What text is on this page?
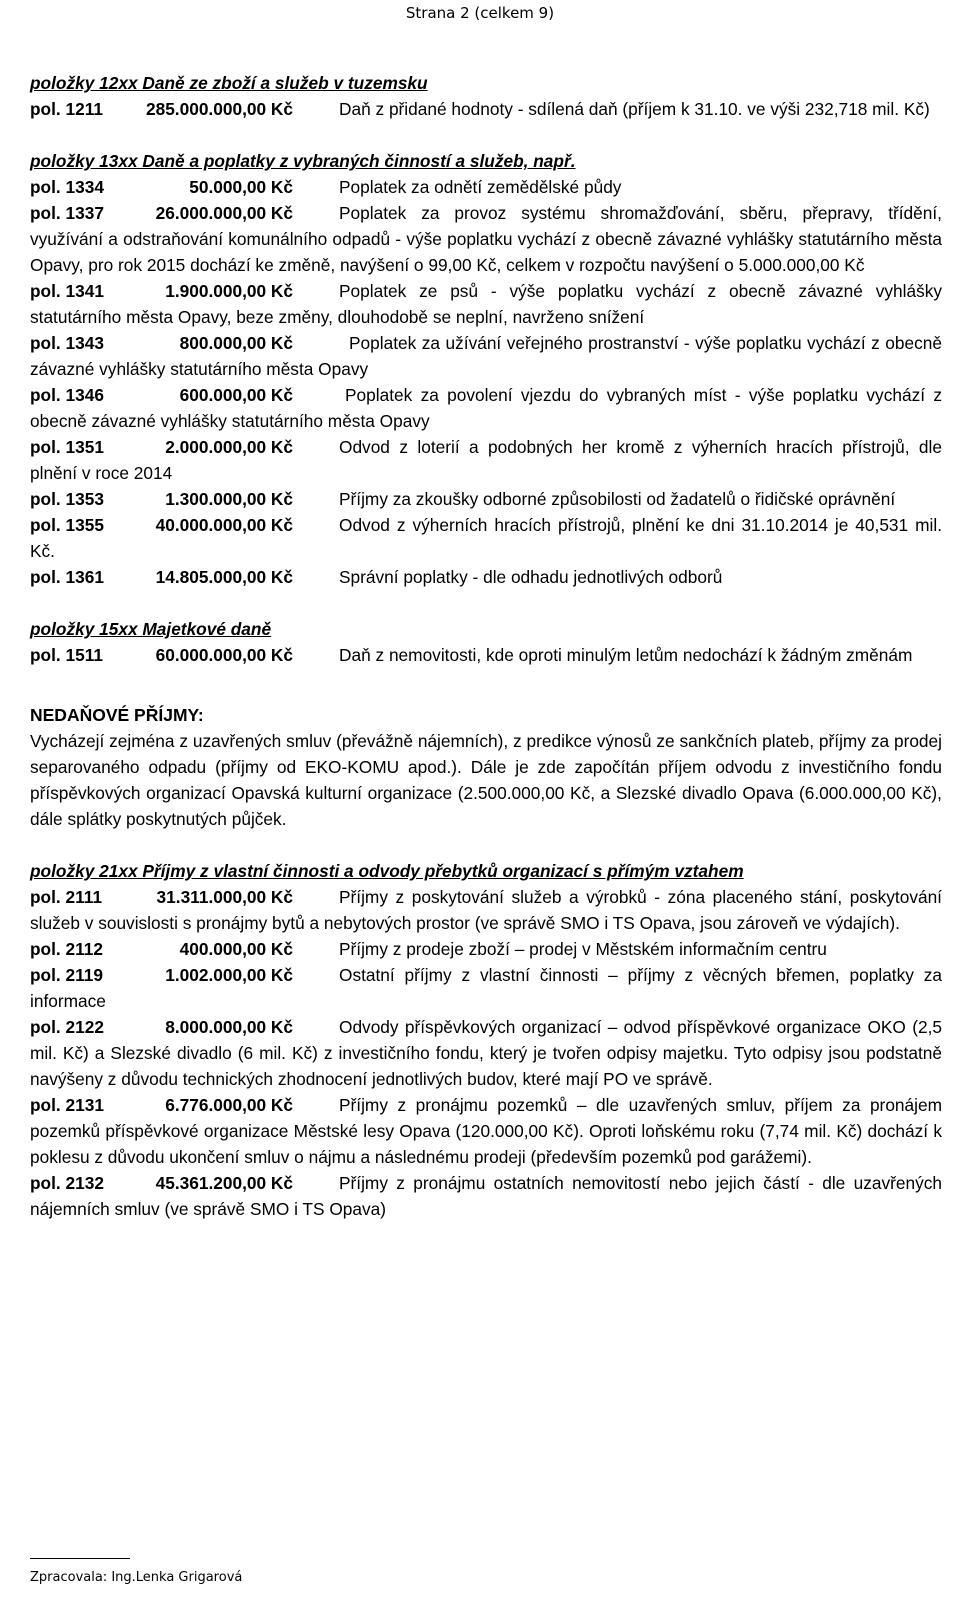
Strana 2 (celkem 9)

položky 12xx Daně ze zboží a služeb v tuzemsku

pol. 1211 285.000.000,00 Kč	Daň z přidané hodnoty - sdílená daň (příjem k 31.10. ve výši 232,718 mil. Kč)

položky 13xx Daně a poplatky z vybraných činností a služeb, např.

pol. 1334	50.000,00 Kč	Poplatek za odnětí zemědělské půdy

pol. 1337	26.000.000,00 Kč	Poplatek za provoz systému shromažďování, sběru, přepravy, třídění, využívání a odstraňování komunálního odpadů - výše poplatku vychází z obecně závazné vyhlášky statutárního města Opavy, pro rok 2015 dochází ke změně, navýšení o 99,00 Kč, celkem v rozpočtu navýšení o 5.000.000,00 Kč

pol. 1341	1.900.000,00 Kč	Poplatek ze psů - výše poplatku vychází z obecně závazné vyhlášky statutárního města Opavy, beze změny, dlouhodobě se neplní, navrženo snížení

pol. 1343	800.000,00 Kč	Poplatek za užívání veřejného prostranství - výše poplatku vychází z obecně závazné vyhlášky statutárního města Opavy

pol. 1346	600.000,00 Kč	Poplatek za povolení vjezdu do vybraných míst - výše poplatku vychází z obecně závazné vyhlášky statutárního města Opavy

pol. 1351	2.000.000,00 Kč	Odvod z loterií a podobných her kromě z výherních hracích přístrojů, dle plnění v roce 2014

pol. 1353	1.300.000,00 Kč	Příjmy za zkoušky odborné způsobilosti od žadatelů o řidičské oprávnění

pol. 1355	40.000.000,00 Kč	Odvod z výherních hracích přístrojů, plnění ke dni 31.10.2014 je 40,531 mil. Kč.

pol. 1361	14.805.000,00 Kč	Správní poplatky - dle odhadu jednotlivých odborů

položky 15xx Majetkové daně

pol. 1511	60.000.000,00 Kč	Daň z nemovitosti, kde oproti minulým letům nedochází k žádným změnám

NEDAŇOVÉ PŘÍJMY:

Vycházejí zejména z uzavřených smluv (převážně nájemních), z predikce výnosů ze sankčních plateb, příjmy za prodej separovaného odpadu (příjmy od EKO-KOMU apod.). Dále je zde započítán příjem odvodu z investičního fondu příspěvkových organizací Opavská kulturní organizace (2.500.000,00 Kč, a Slezské divadlo Opava (6.000.000,00 Kč), dále splátky poskytnutých půjček.

položky 21xx Příjmy z vlastní činnosti a odvody přebytků organizací s přímým vztahem

pol. 2111	31.311.000,00 Kč	Příjmy z poskytování služeb a výrobků - zóna placeného stání, poskytování služeb v souvislosti s pronájmy bytů a nebytových prostor (ve správě SMO i TS Opava, jsou zároveň ve výdajích).

pol. 2112	400.000,00 Kč	Příjmy z prodeje zboží – prodej v Městském informačním centru

pol. 2119	1.002.000,00 Kč	Ostatní příjmy z vlastní činnosti – příjmy z věcných břemen, poplatky za informace

pol. 2122	8.000.000,00 Kč	Odvody příspěvkových organizací – odvod příspěvkové organizace OKO (2,5 mil. Kč) a Slezské divadlo (6 mil. Kč) z investičního fondu, který je tvořen odpisy majetku. Tyto odpisy jsou podstatně navýšeny z důvodu technických zhodnocení jednotlivých budov, které mají PO ve správě.

pol. 2131	6.776.000,00 Kč	Příjmy z pronájmu pozemků – dle uzavřených smluv, příjem za pronájem pozemků příspěvkové organizace Městské lesy Opava (120.000,00 Kč). Oproti loňskému roku (7,74 mil. Kč) dochází k poklesu z důvodu ukončení smluv o nájmu a následnému prodeji (především pozemků pod garážemi).

pol. 2132	45.361.200,00 Kč	Příjmy z pronájmu ostatních nemovitostí nebo jejich částí - dle uzavřených nájemních smluv (ve správě SMO i TS Opava)

Zpracovala: Ing.Lenka Grigarová
